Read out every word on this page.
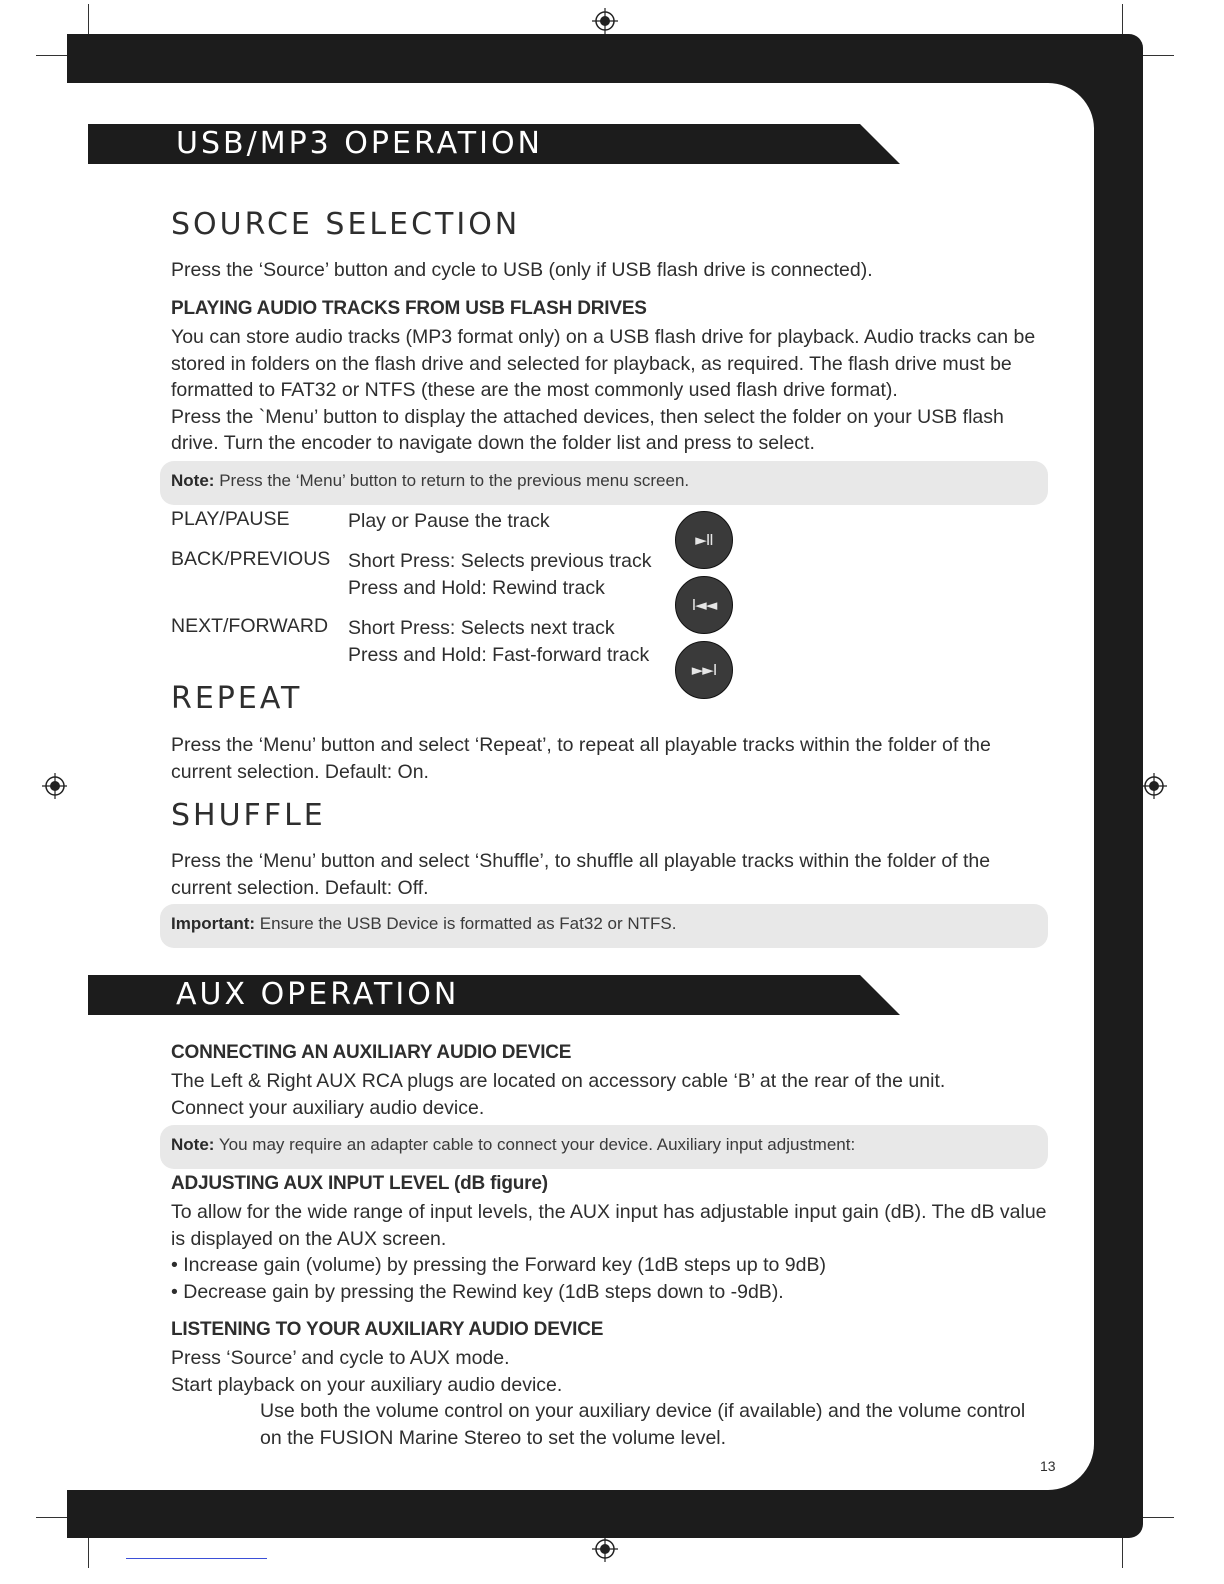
USB/MP3 OPERATION
SOURCE SELECTION

Press the ‘Source’ button and cycle to USB (only if USB flash drive is connected).

PLAYING AUDIO TRACKS FROM USB FLASH DRIVES

You can store audio tracks (MP3 format only) on a USB flash drive for playback. Audio tracks can be

stored in folders on the flash drive and selected for playback, as required. The flash drive must be

formatted to FAT32 or NTFS (these are the most commonly used flash drive format).

Press the `Menu’ button to display the attached devices, then select the folder on your USB flash

drive. Turn the encoder to navigate down the folder list and press to select.

Note: Press the ‘Menu’ button to return to the previous menu screen.
PLAY/PAUSE	Play or Pause the track
BACK/PREVIOUS Short Press: Selects previous track
Press and Hold: Rewind track
NEXT/FORWARD Short Press: Selects next track
Press and Hold: Fast-forward track
►II
I◄◄
►►I
REPEAT

Press the ‘Menu’ button and select ‘Repeat’, to repeat all playable tracks within the folder of the

current selection. Default: On.

SHUFFLE

Press the ‘Menu’ button and select ‘Shuffle’, to shuffle all playable tracks within the folder of the

current selection. Default: Off.

Important: Ensure the USB Device is formatted as Fat32 or NTFS.
AUX OPERATION

CONNECTING AN AUXILIARY AUDIO DEVICE

The Left & Right AUX RCA plugs are located on accessory cable ‘B’ at the rear of the unit.

Connect your auxiliary audio device.

Note: You may require an adapter cable to connect your device. Auxiliary input adjustment:

ADJUSTING AUX INPUT LEVEL (dB figure)

To allow for the wide range of input levels, the AUX input has adjustable input gain (dB). The dB value

is displayed on the AUX screen.

• Increase gain (volume) by pressing the Forward key (1dB steps up to 9dB)

• Decrease gain by pressing the Rewind key (1dB steps down to -9dB).

LISTENING TO YOUR AUXILIARY AUDIO DEVICE

Press ‘Source’ and cycle to AUX mode.

Start playback on your auxiliary audio device.

Use both the volume control on your auxiliary device (if available) and the volume control

on the FUSION Marine Stereo to set the volume level.

13
